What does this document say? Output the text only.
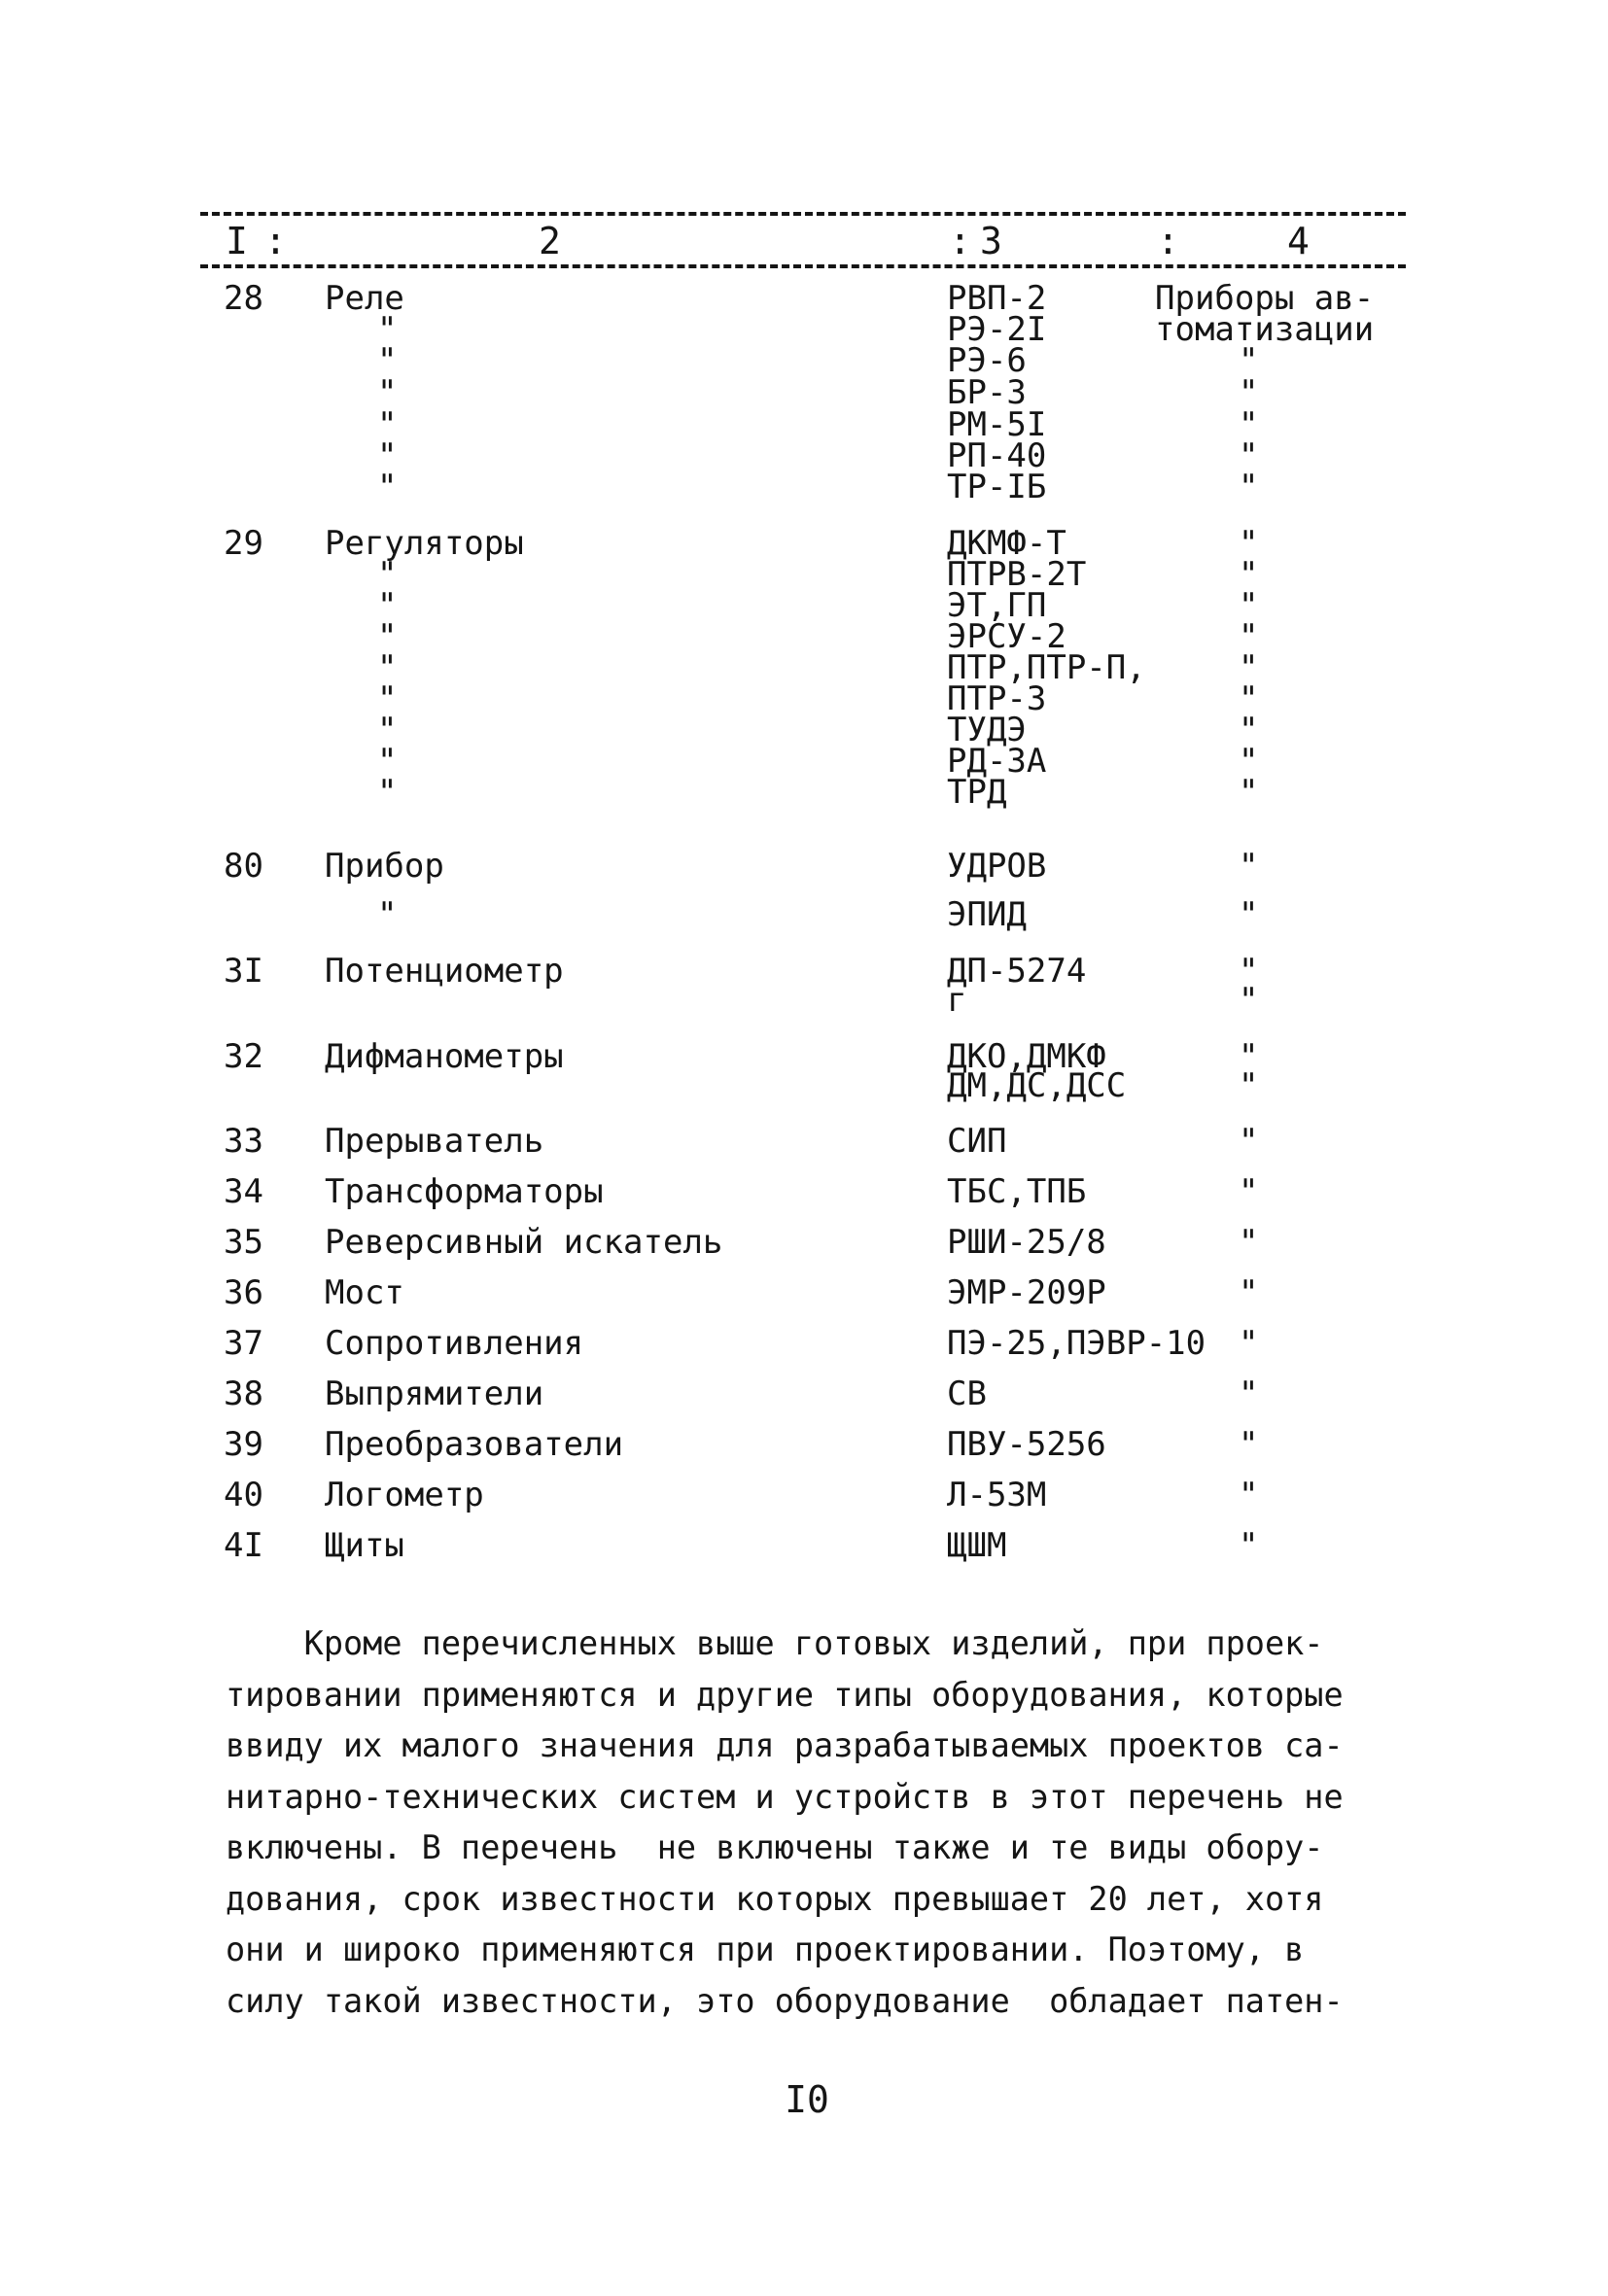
I :	2	: 3	:	4
28 Реле	РВП-2	Приборы ав-
"	РЭ-2I	томатизации
"	РЭ-6	"
"	БР-3	"
"	РМ-5I	"
"	РП-40	"
"	ТР-IБ	"
29 Регуляторы	ДКМФ-Т	"
"	ПТРВ-2Т	"
"	ЭТ,ГП	"
"	ЭРСУ-2	"
"	ПТР,ПТР-П,	"
"	ПТР-3	"
"	ТУДЭ	"
"	РД-3А	"
"	ТРД	"
80 Прибор	УДРОВ	"
"	ЭПИД	"
3I Потенциометр	ДП-5274	"
г	"
32 Дифманометры	ДКО,ДМКФ	"
ДМ,ДС,ДСС	"
33 Прерыватель	СИП	"
34 Трансформаторы	ТБС,ТПБ	"
35 Реверсивный искатель	РШИ-25/8	"
36 Мост	ЭМР-209Р	"
37 Сопротивления	ПЭ-25,ПЭВР-10 "
38 Выпрямители	СВ	"
39 Преобразователи	ПВУ-5256	"
40 Логометр	Л-53М	"
4I Щиты	ЩШМ	"
Кроме перечисленных выше готовых изделий, при проек-
тировании применяются и другие типы оборудования, которые
ввиду их малого значения для разрабатываемых проектов са-
нитарно-технических систем и устройств в этот перечень не
включены. В перечень  не включены также и те виды обору-
дования, срок известности которых превышает 20 лет, хотя
они и широко применяются при проектировании. Поэтому, в
силу такой известности, это оборудование  обладает патен-
I0
